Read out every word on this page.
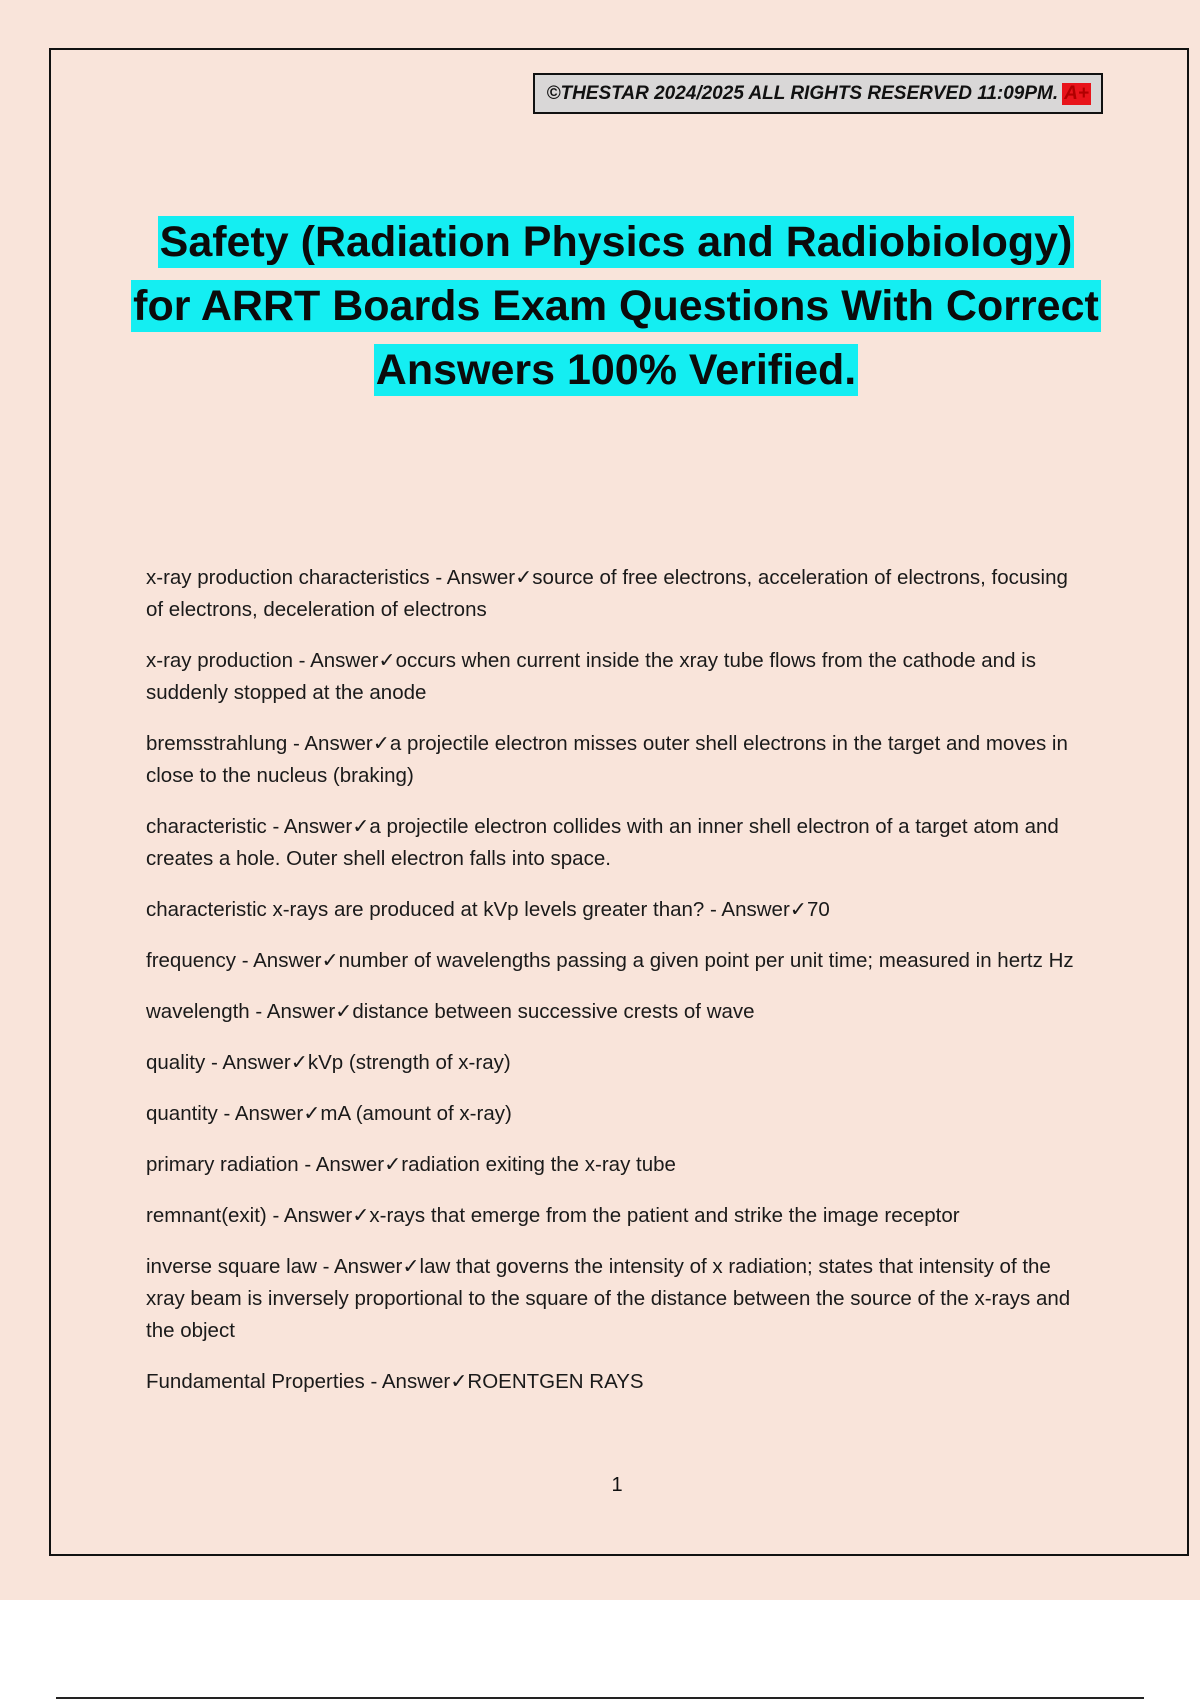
©THESTAR 2024/2025 ALL RIGHTS RESERVED 11:09PM. A+
Safety (Radiation Physics and Radiobiology)
for ARRT Boards Exam Questions With Correct
Answers 100% Verified.

x-ray production characteristics - Answer✓source of free electrons, acceleration of electrons, focusing of electrons, deceleration of electrons

x-ray production - Answer✓occurs when current inside the xray tube flows from the cathode and is suddenly stopped at the anode

bremsstrahlung - Answer✓a projectile electron misses outer shell electrons in the target and moves in close to the nucleus (braking)

characteristic - Answer✓a projectile electron collides with an inner shell electron of a target atom and creates a hole. Outer shell electron falls into space.

characteristic x-rays are produced at kVp levels greater than? - Answer✓70

frequency - Answer✓number of wavelengths passing a given point per unit time; measured in hertz Hz

wavelength - Answer✓distance between successive crests of wave

quality - Answer✓kVp (strength of x-ray)

quantity - Answer✓mA (amount of x-ray)

primary radiation - Answer✓radiation exiting the x-ray tube

remnant(exit) - Answer✓x-rays that emerge from the patient and strike the image receptor

inverse square law - Answer✓law that governs the intensity of x radiation; states that intensity of the xray beam is inversely proportional to the square of the distance between the source of the x-rays and the object

Fundamental Properties - Answer✓ROENTGEN RAYS

1
